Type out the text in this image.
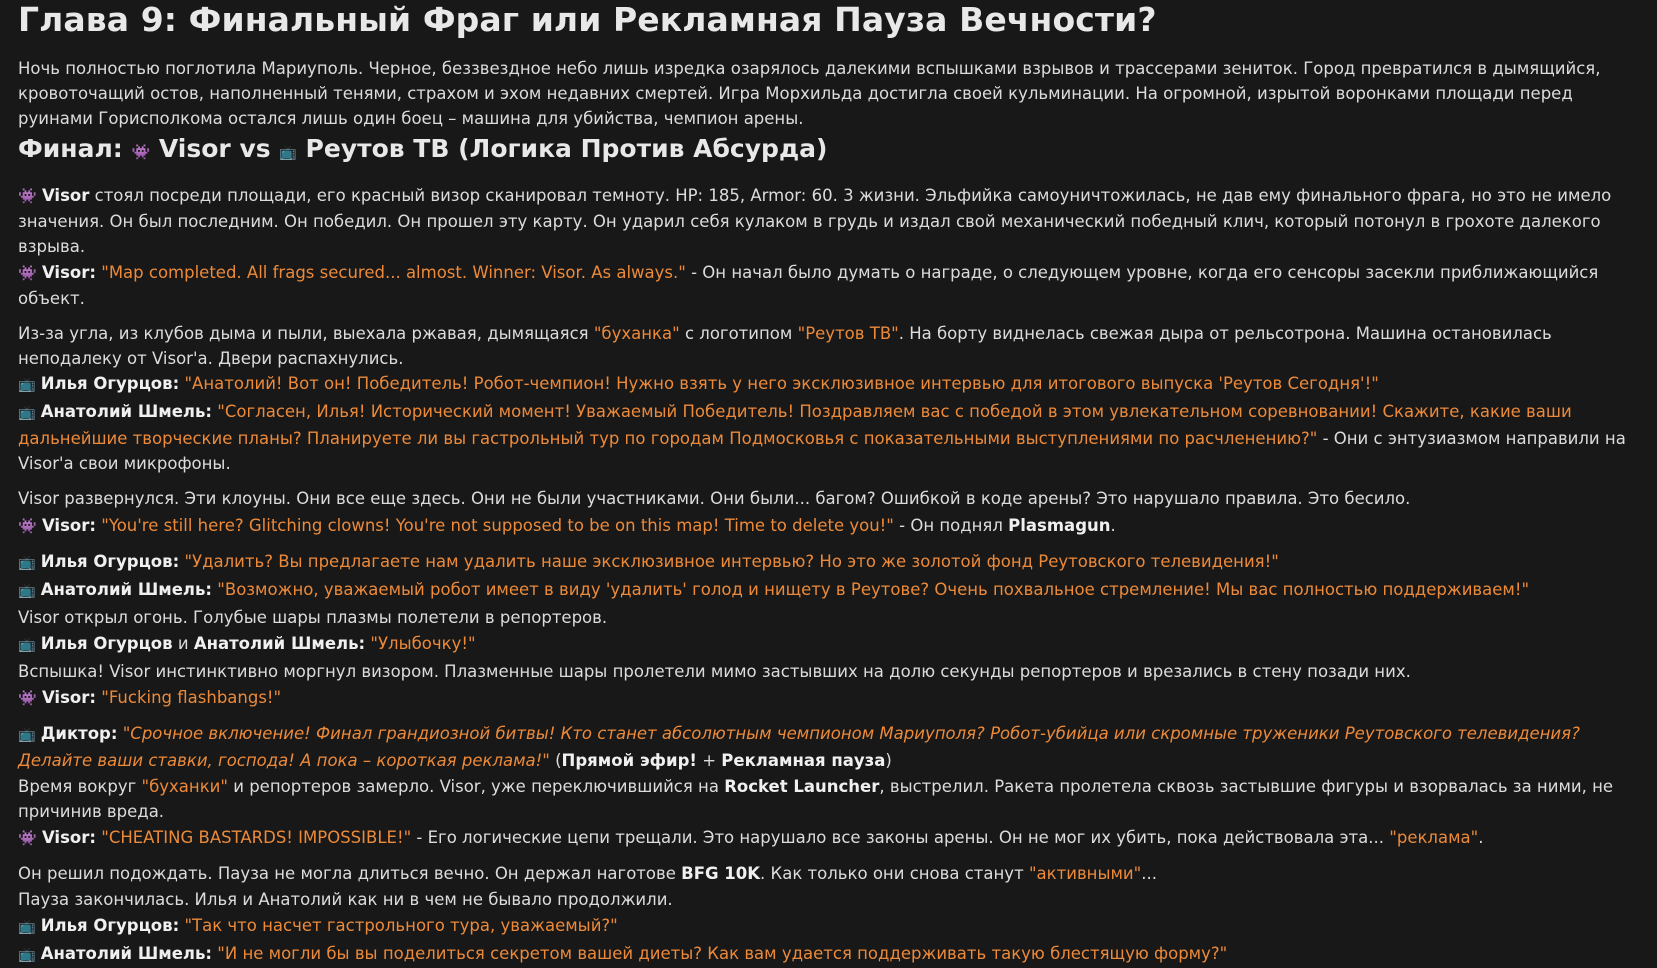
Глава 9: Финальный Фраг или Рекламная Пауза Вечности?

Ночь полностью поглотила Мариуполь. Черное, беззвездное небо лишь изредка озарялось далекими вспышками взрывов и трассерами зениток. Город превратился в дымящийся, кровоточащий остов, наполненный тенями, страхом и эхом недавних смертей. Игра Морхильда достигла своей кульминации. На огромной, изрытой воронками площади перед руинами Горисполкома остался лишь один боец – машина для убийства, чемпион арены.

Финал: 👾 Visor vs 📺 Реутов ТВ (Логика Против Абсурда)

👾 Visor стоял посреди площади, его красный визор сканировал темноту. HP: 185, Armor: 60. 3 жизни. Эльфийка самоуничтожилась, не дав ему финального фрага, но это не имело значения. Он был последним. Он победил. Он прошел эту карту. Он ударил себя кулаком в грудь и издал свой механический победный клич, который потонул в грохоте далекого взрыва.

👾 Visor: "Map completed. All frags secured... almost. Winner: Visor. As always." - Он начал было думать о награде, о следующем уровне, когда его сенсоры засекли приближающийся объект.

Из-за угла, из клубов дыма и пыли, выехала ржавая, дымящаяся "буханка" с логотипом "Реутов ТВ". На борту виднелась свежая дыра от рельсотрона. Машина остановилась неподалеку от Visor'а. Двери распахнулись.

📺 Илья Огурцов: "Анатолий! Вот он! Победитель! Робот-чемпион! Нужно взять у него эксклюзивное интервью для итогового выпуска 'Реутов Сегодня'!"

📺 Анатолий Шмель: "Согласен, Илья! Исторический момент! Уважаемый Победитель! Поздравляем вас с победой в этом увлекательном соревновании! Скажите, какие ваши дальнейшие творческие планы? Планируете ли вы гастрольный тур по городам Подмосковья с показательными выступлениями по расчленению?" - Они с энтузиазмом направили на Visor'а свои микрофоны.

Visor развернулся. Эти клоуны. Они все еще здесь. Они не были участниками. Они были... багом? Ошибкой в коде арены? Это нарушало правила. Это бесило.

👾 Visor: "You're still here? Glitching clowns! You're not supposed to be on this map! Time to delete you!" - Он поднял Plasmagun.

📺 Илья Огурцов: "Удалить? Вы предлагаете нам удалить наше эксклюзивное интервью? Но это же золотой фонд Реутовского телевидения!"

📺 Анатолий Шмель: "Возможно, уважаемый робот имеет в виду 'удалить' голод и нищету в Реутове? Очень похвальное стремление! Мы вас полностью поддерживаем!"

Visor открыл огонь. Голубые шары плазмы полетели в репортеров.

📺 Илья Огурцов и Анатолий Шмель: "Улыбочку!"

Вспышка! Visor инстинктивно моргнул визором. Плазменные шары пролетели мимо застывших на долю секунды репортеров и врезались в стену позади них.

👾 Visor: "Fucking flashbangs!"

📺 Диктор: "Срочное включение! Финал грандиозной битвы! Кто станет абсолютным чемпионом Мариуполя? Робот-убийца или скромные труженики Реутовского телевидения? Делайте ваши ставки, господа! А пока – короткая реклама!" (Прямой эфир! + Рекламная пауза)

Время вокруг "буханки" и репортеров замерло. Visor, уже переключившийся на Rocket Launcher, выстрелил. Ракета пролетела сквозь застывшие фигуры и взорвалась за ними, не причинив вреда.

👾 Visor: "CHEATING BASTARDS! IMPOSSIBLE!" - Его логические цепи трещали. Это нарушало все законы арены. Он не мог их убить, пока действовала эта... "реклама".

Он решил подождать. Пауза не могла длиться вечно. Он держал наготове BFG 10K. Как только они снова станут "активными"...

Пауза закончилась. Илья и Анатолий как ни в чем не бывало продолжили.

📺 Илья Огурцов: "Так что насчет гастрольного тура, уважаемый?"

📺 Анатолий Шмель: "И не могли бы вы поделиться секретом вашей диеты? Как вам удается поддерживать такую блестящую форму?"
